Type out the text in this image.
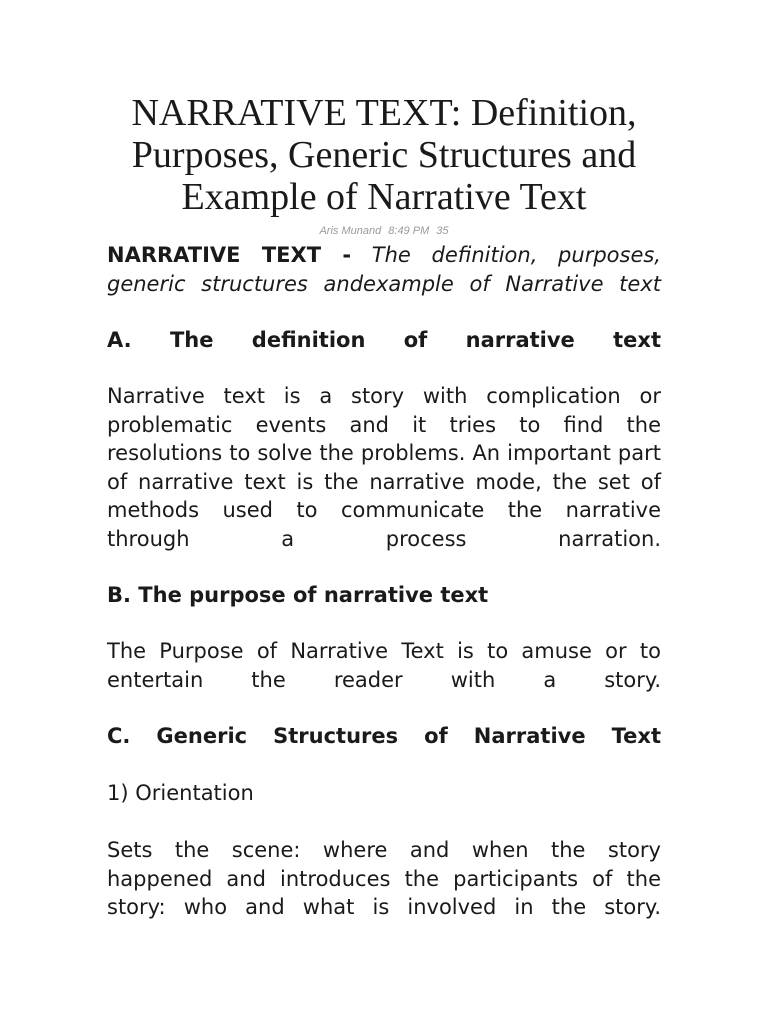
NARRATIVE TEXT: Definition,
Purposes, Generic Structures and
Example of Narrative Text
Aris Munand 8:49 PM 35

NARRATIVE TEXT - The definition, purposes, generic structures andexample of Narrative text

A. The definition of narrative text

Narrative text is a story with complication or problematic events and it tries to find the resolutions to solve the problems. An important part of narrative text is the narrative mode, the set of methods used to communicate the narrative through a process narration.

B. The purpose of narrative text

The Purpose of Narrative Text is to amuse or to entertain the reader with a story.

C. Generic Structures of Narrative Text

1) Orientation

Sets the scene: where and when the story happened and introduces the participants of the story: who and what is involved in the story.
